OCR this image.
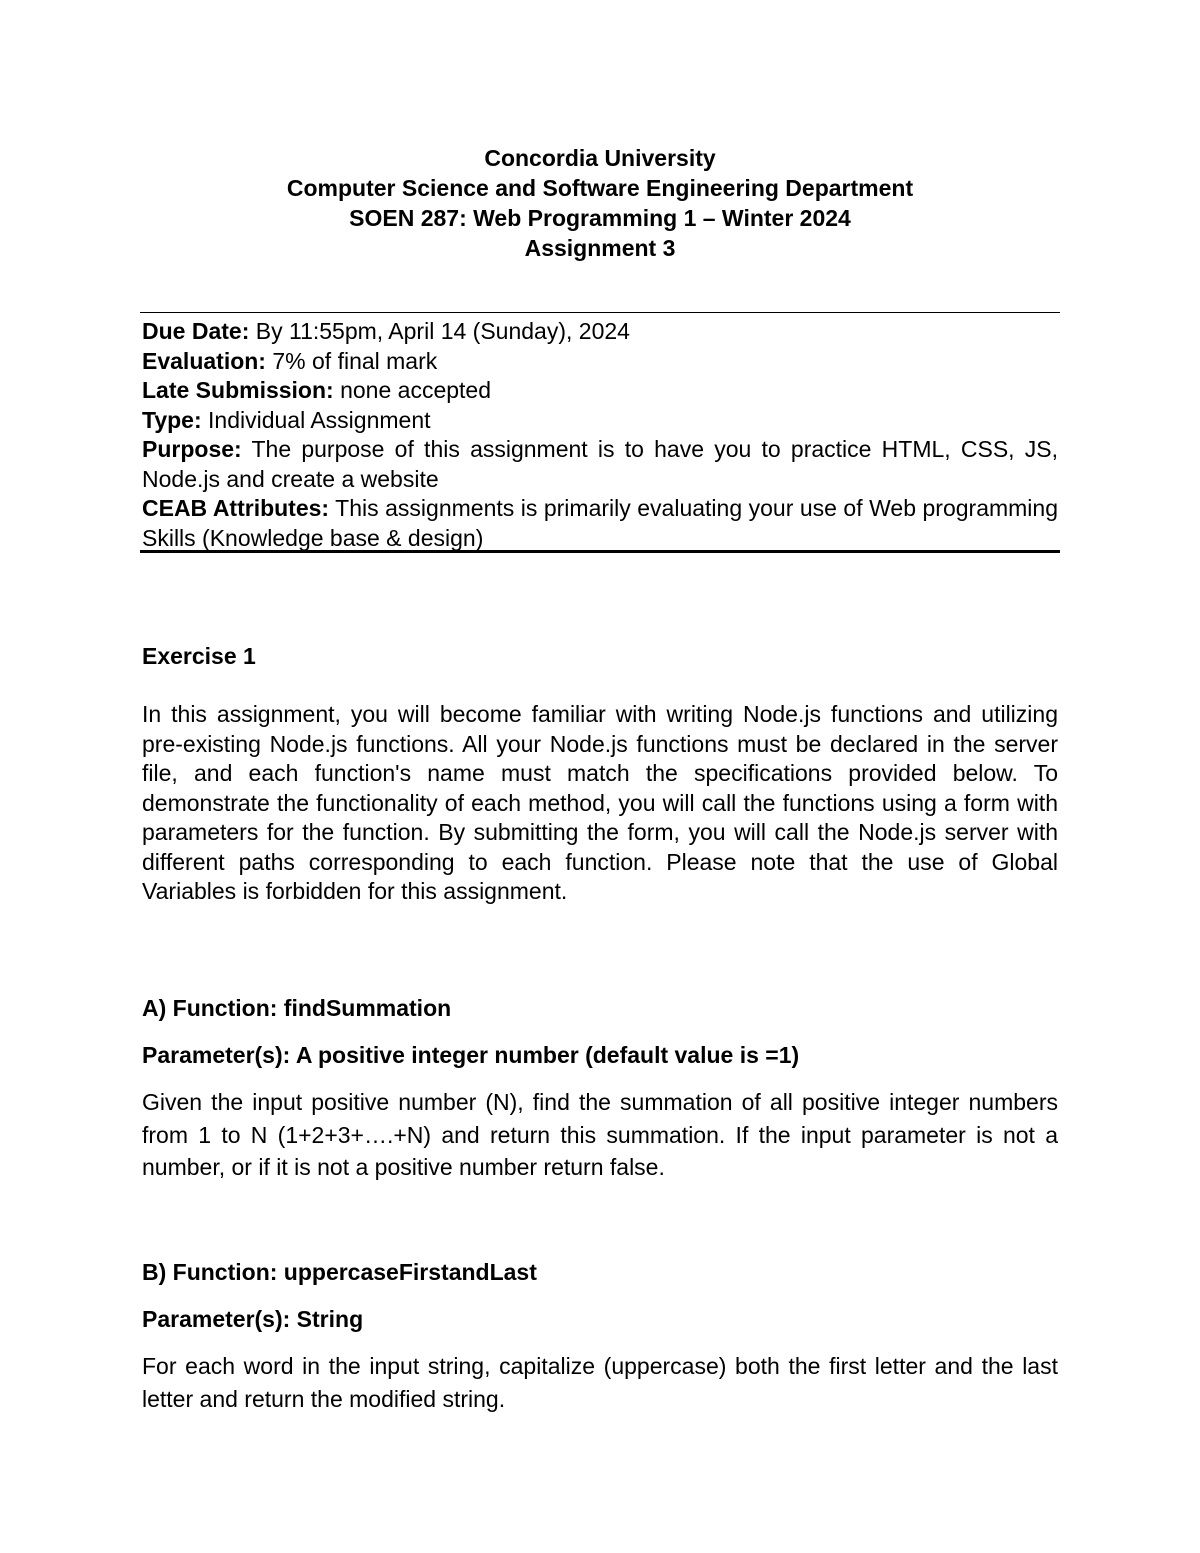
Concordia University
Computer Science and Software Engineering Department
SOEN 287: Web Programming 1 – Winter 2024
Assignment 3
Due Date: By 11:55pm, April 14 (Sunday), 2024
Evaluation: 7% of final mark
Late Submission: none accepted
Type: Individual Assignment
Purpose: The purpose of this assignment is to have you to practice HTML, CSS, JS, Node.js and create a website
CEAB Attributes: This assignments is primarily evaluating your use of Web programming Skills (Knowledge base & design)
Exercise 1
In this assignment, you will become familiar with writing Node.js functions and utilizing pre-existing Node.js functions. All your Node.js functions must be declared in the server file, and each function's name must match the specifications provided below. To demonstrate the functionality of each method, you will call the functions using a form with parameters for the function. By submitting the form, you will call the Node.js server with different paths corresponding to each function. Please note that the use of Global Variables is forbidden for this assignment.
A) Function: findSummation
Parameter(s): A positive integer number (default value is =1)
Given the input positive number (N), find the summation of all positive integer numbers from 1 to N (1+2+3+….+N) and return this summation. If the input parameter is not a number, or if it is not a positive number return false.
B) Function: uppercaseFirstandLast
Parameter(s): String
For each word in the input string, capitalize (uppercase) both the first letter and the last letter and return the modified string.
